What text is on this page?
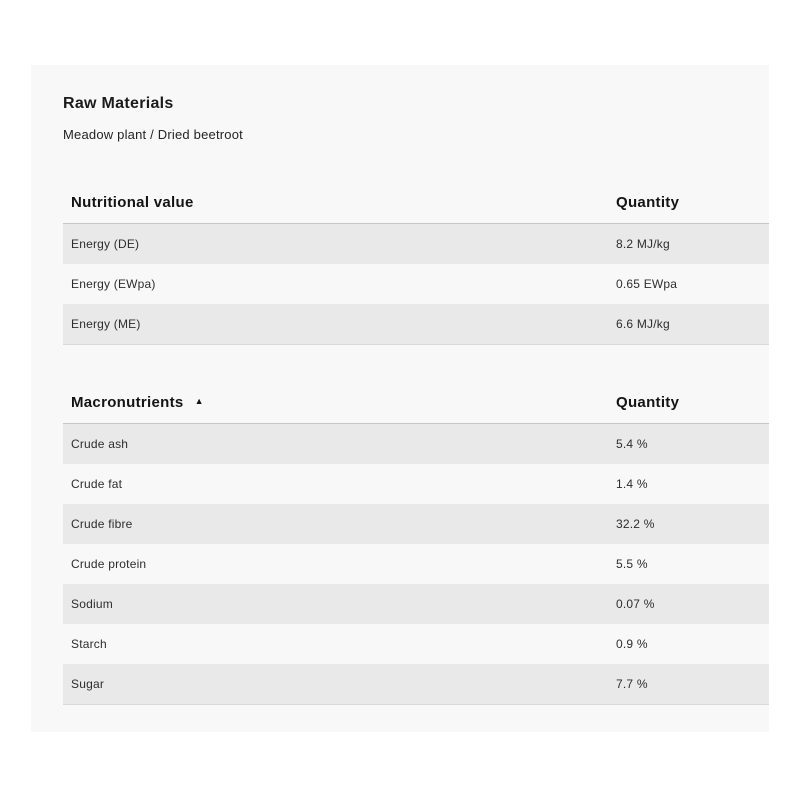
Raw Materials

Meadow plant / Dried beetroot

Nutritional value	Quantity
Energy (DE)	8.2 MJ/kg
Energy (EWpa)	0.65 EWpa
Energy (ME)	6.6 MJ/kg
Macronutrients ▲	Quantity
Crude ash	5.4 %
Crude fat	1.4 %
Crude fibre	32.2 %
Crude protein	5.5 %
Sodium	0.07 %
Starch	0.9 %
Sugar	7.7 %
